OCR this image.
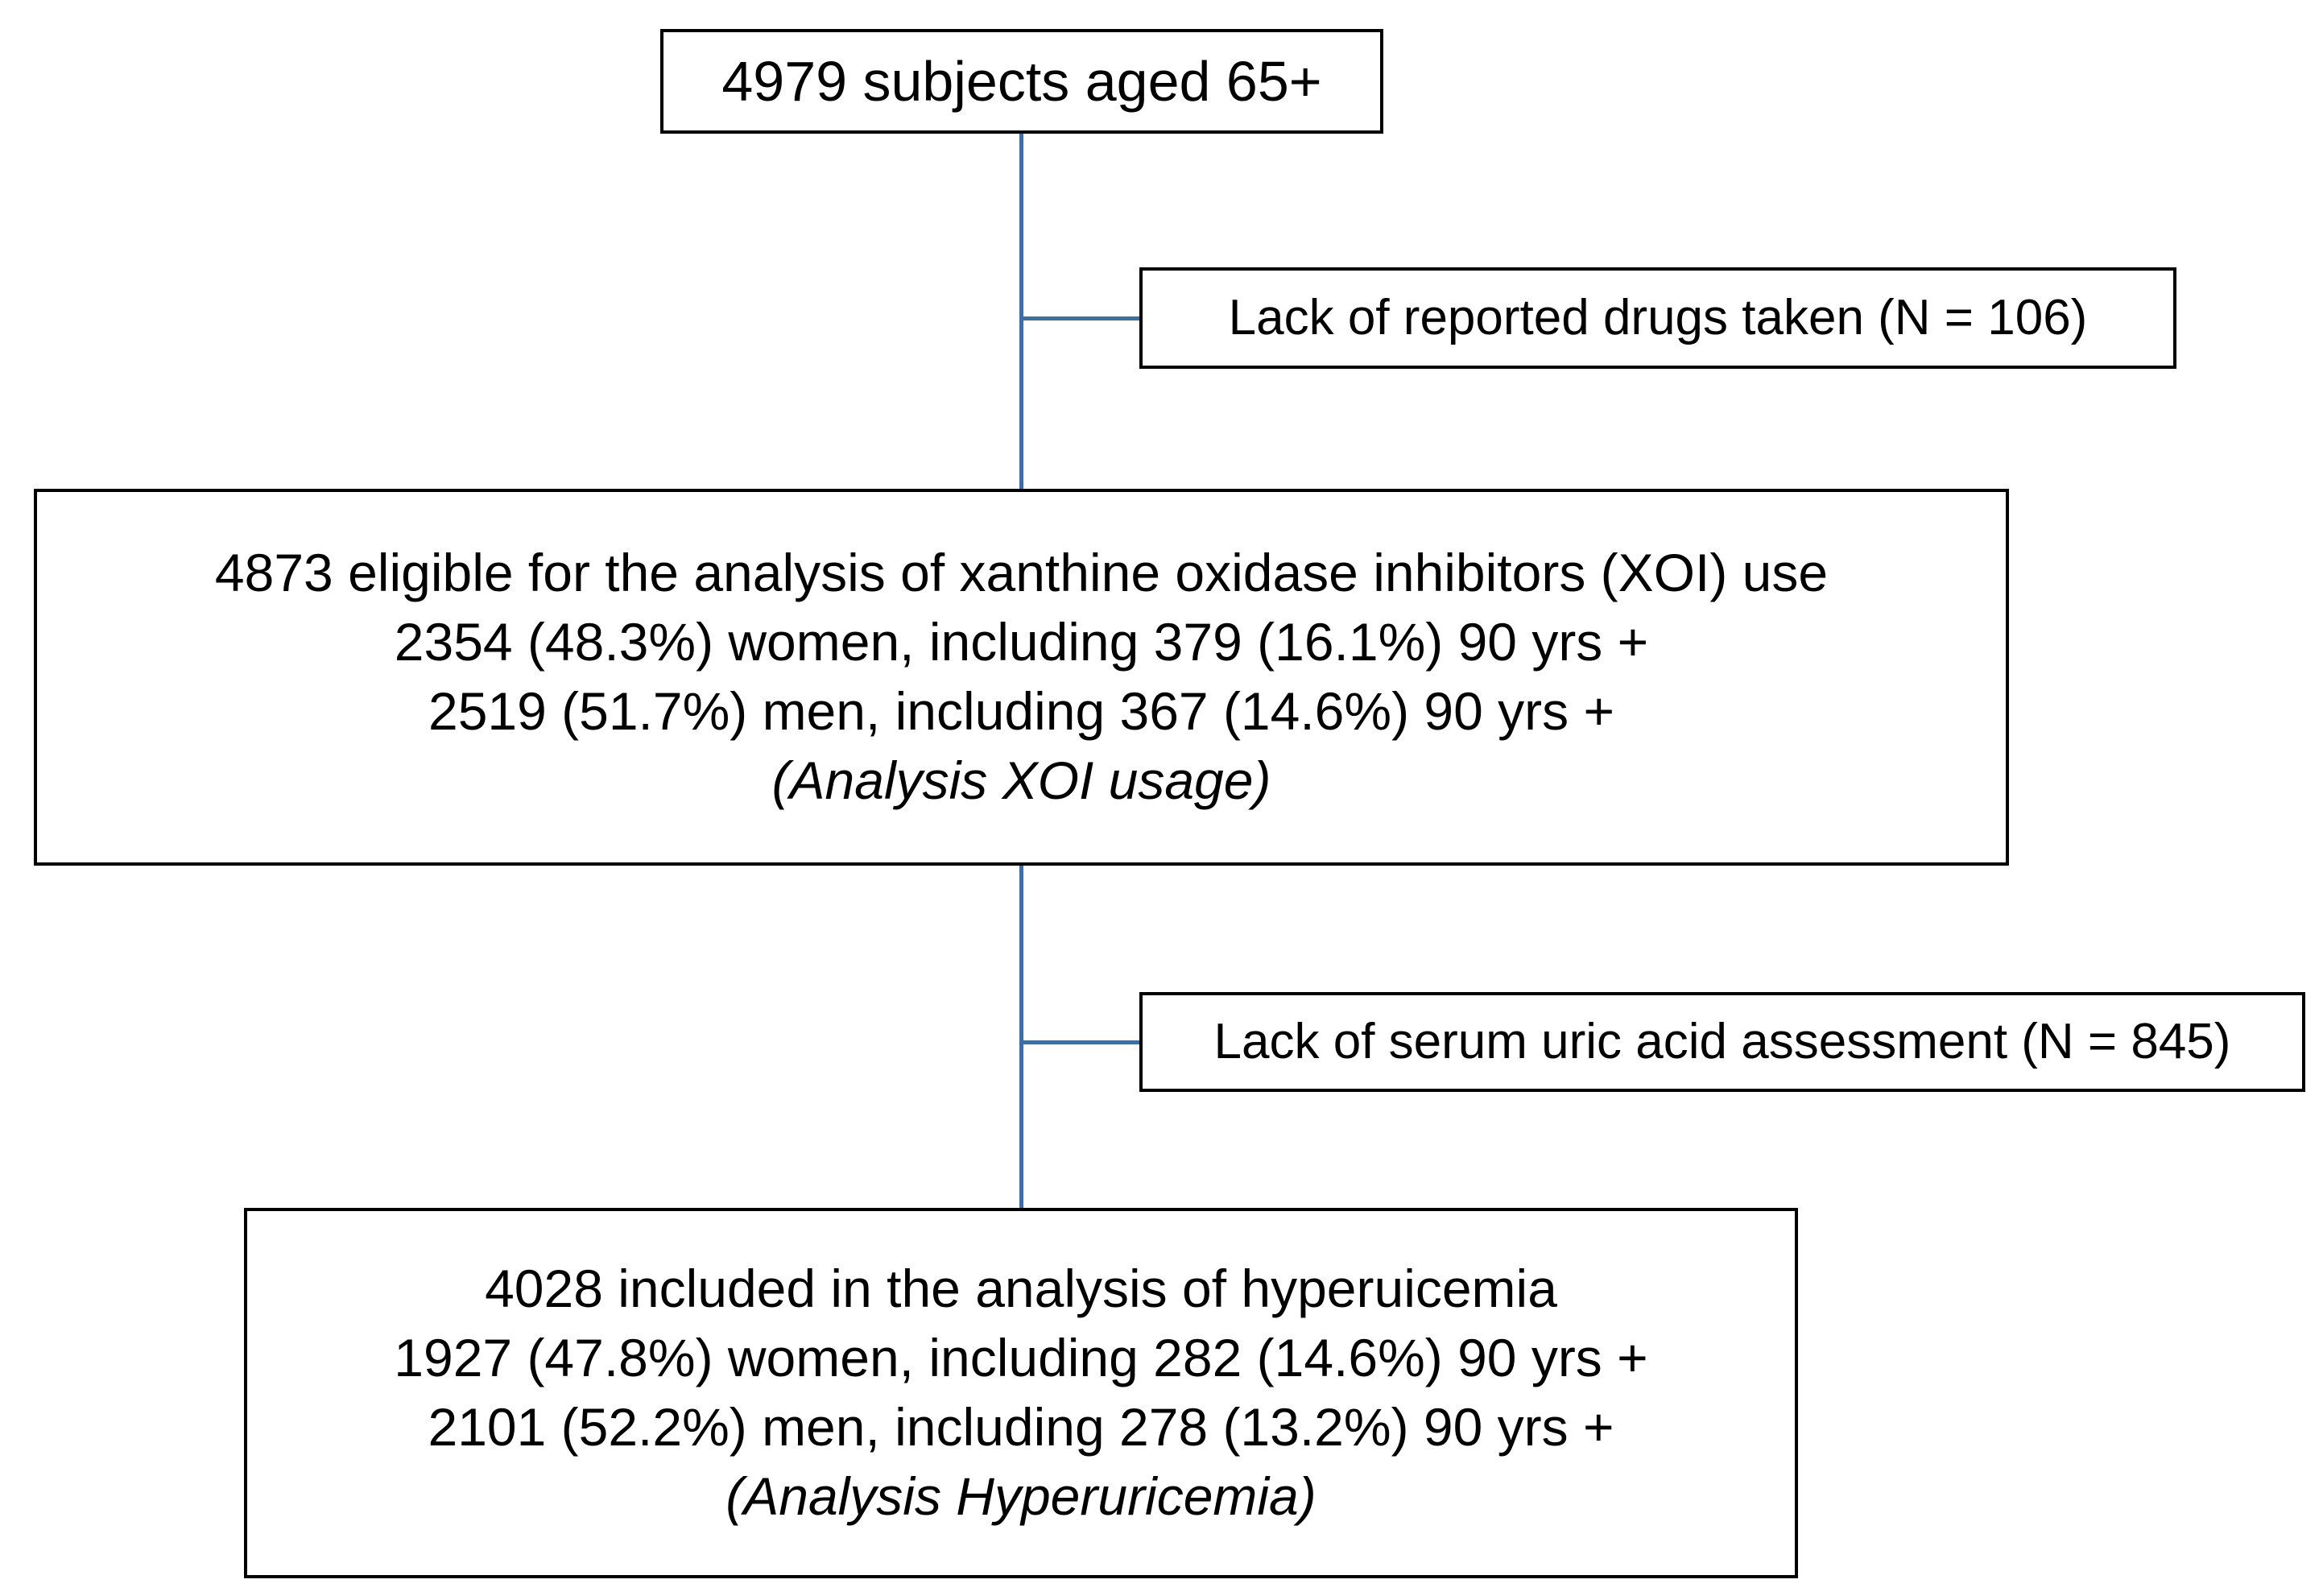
4979 subjects aged 65+
Lack of reported drugs taken (N = 106)
4873 eligible for the analysis of xanthine oxidase inhibitors (XOI) use
2354 (48.3%) women, including 379 (16.1%) 90 yrs +
2519 (51.7%) men, including 367 (14.6%) 90 yrs +
(Analysis XOI usage)
Lack of serum uric acid assessment (N = 845)
4028 included in the analysis of hyperuicemia
1927 (47.8%) women, including 282 (14.6%) 90 yrs +
2101 (52.2%) men, including 278 (13.2%) 90 yrs +
(Analysis Hyperuricemia)
